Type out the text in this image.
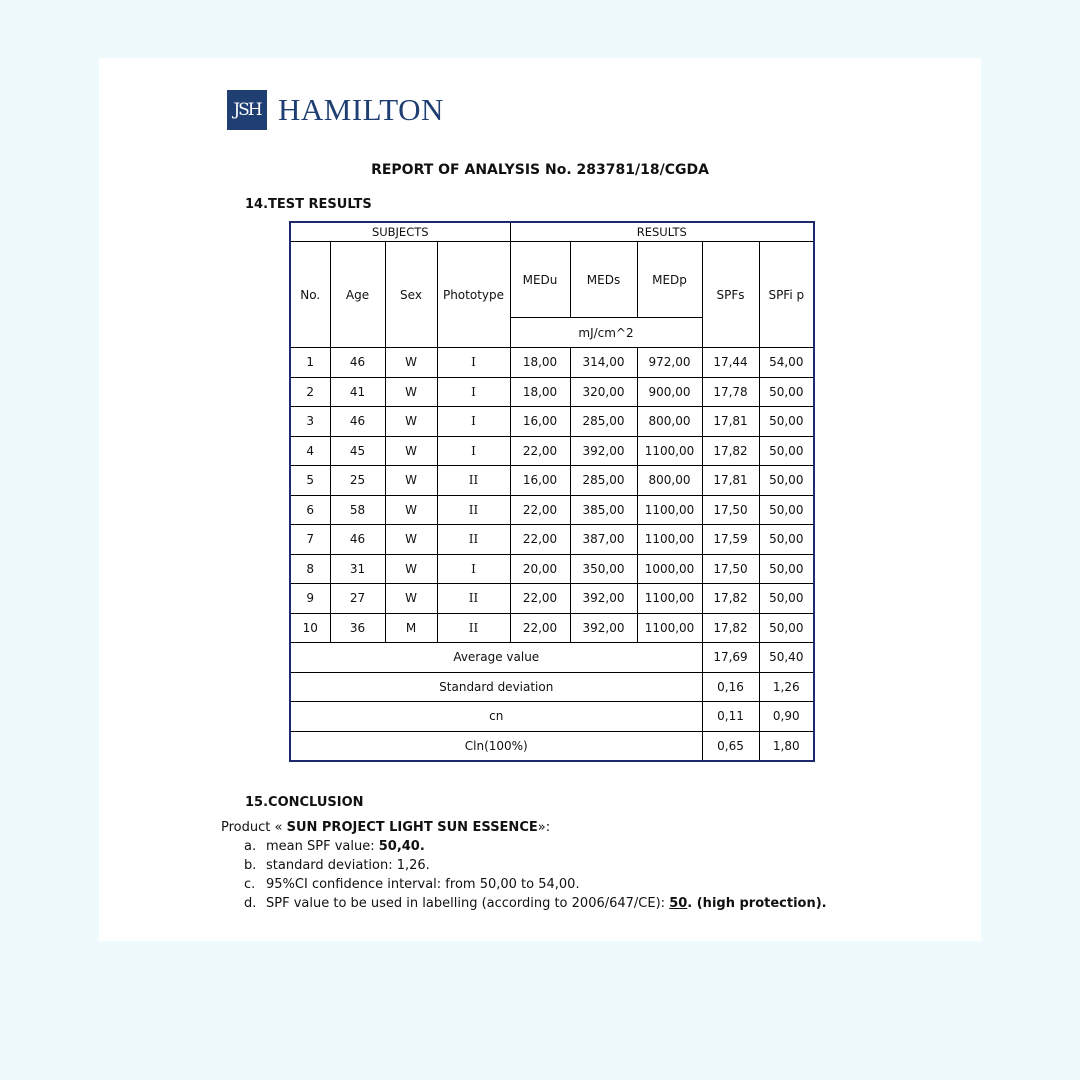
JSH HAMILTON
REPORT OF ANALYSIS No. 283781/18/CGDA
14.TEST RESULTS
SUBJECTS				RESULTS				
No.	Age	Sex	Phototype	MEDu	MEDs	MEDp	SPFs	SPFi p
				mJ/cm^2				
1	46	W	I	18,00	314,00	972,00	17,44	54,00
2	41	W	I	18,00	320,00	900,00	17,78	50,00
3	46	W	I	16,00	285,00	800,00	17,81	50,00
4	45	W	I	22,00	392,00	1100,00	17,82	50,00
5	25	W	II	16,00	285,00	800,00	17,81	50,00
6	58	W	II	22,00	385,00	1100,00	17,50	50,00
7	46	W	II	22,00	387,00	1100,00	17,59	50,00
8	31	W	I	20,00	350,00	1000,00	17,50	50,00
9	27	W	II	22,00	392,00	1100,00	17,82	50,00
10	36	M	II	22,00	392,00	1100,00	17,82	50,00
Average value							17,69	50,40
Standard deviation							0,16	1,26
cn							0,11	0,90
Cln(100%)							0,65	1,80
15.CONCLUSION
Product « SUN PROJECT LIGHT SUN ESSENCE»:
a. mean SPF value: 50,40.
b. standard deviation: 1,26.
c. 95%CI confidence interval: from 50,00 to 54,00.
d. SPF value to be used in labelling (according to 2006/647/CE): 50. (high protection).
